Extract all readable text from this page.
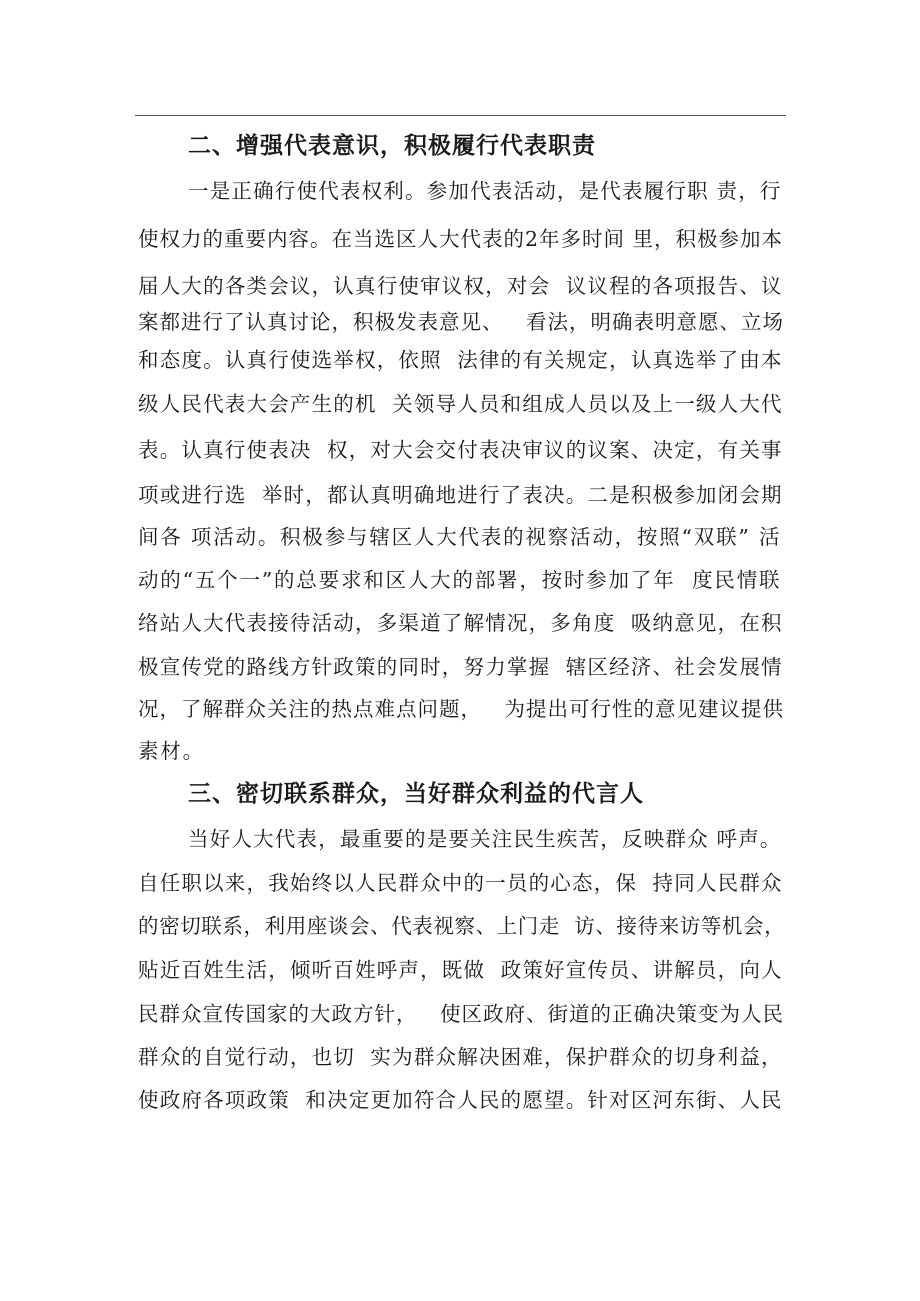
二、增强代表意识，积极履行代表职责
一是正确行使代表权利。参加代表活动，是代表履行职 责，行
使权力的重要内容。在当选区人大代表的2年多时间 里，积极参加本
届人大的各类会议，认真行使审议权，对会  议议程的各项报告、议
案都进行了认真讨论，积极发表意见、   看法，明确表明意愿、立场
和态度。认真行使选举权，依照  法律的有关规定，认真选举了由本
级人民代表大会产生的机  关领导人员和组成人员以及上一级人大代
表。认真行使表决  权，对大会交付表决审议的议案、决定，有关事
项或进行选  举时，都认真明确地进行了表决。二是积极参加闭会期
间各 项活动。积极参与辖区人大代表的视察活动，按照“双联” 活
动的“五个一”的总要求和区人大的部署，按时参加了年  度民情联
络站人大代表接待活动，多渠道了解情况，多角度  吸纳意见，在积
极宣传党的路线方针政策的同时，努力掌握  辖区经济、社会发展情
况，了解群众关注的热点难点问题，   为提出可行性的意见建议提供
素材。
三、密切联系群众，当好群众利益的代言人
当好人大代表，最重要的是要关注民生疾苦，反映群众 呼声。
自任职以来，我始终以人民群众中的一员的心态，保  持同人民群众
的密切联系，利用座谈会、代表视察、上门走  访、接待来访等机会，
贴近百姓生活，倾听百姓呼声，既做  政策好宣传员、讲解员，向人
民群众宣传国家的大政方针，   使区政府、街道的正确决策变为人民
群众的自觉行动，也切  实为群众解决困难，保护群众的切身利益，
使政府各项政策  和决定更加符合人民的愿望。针对区河东街、人民
